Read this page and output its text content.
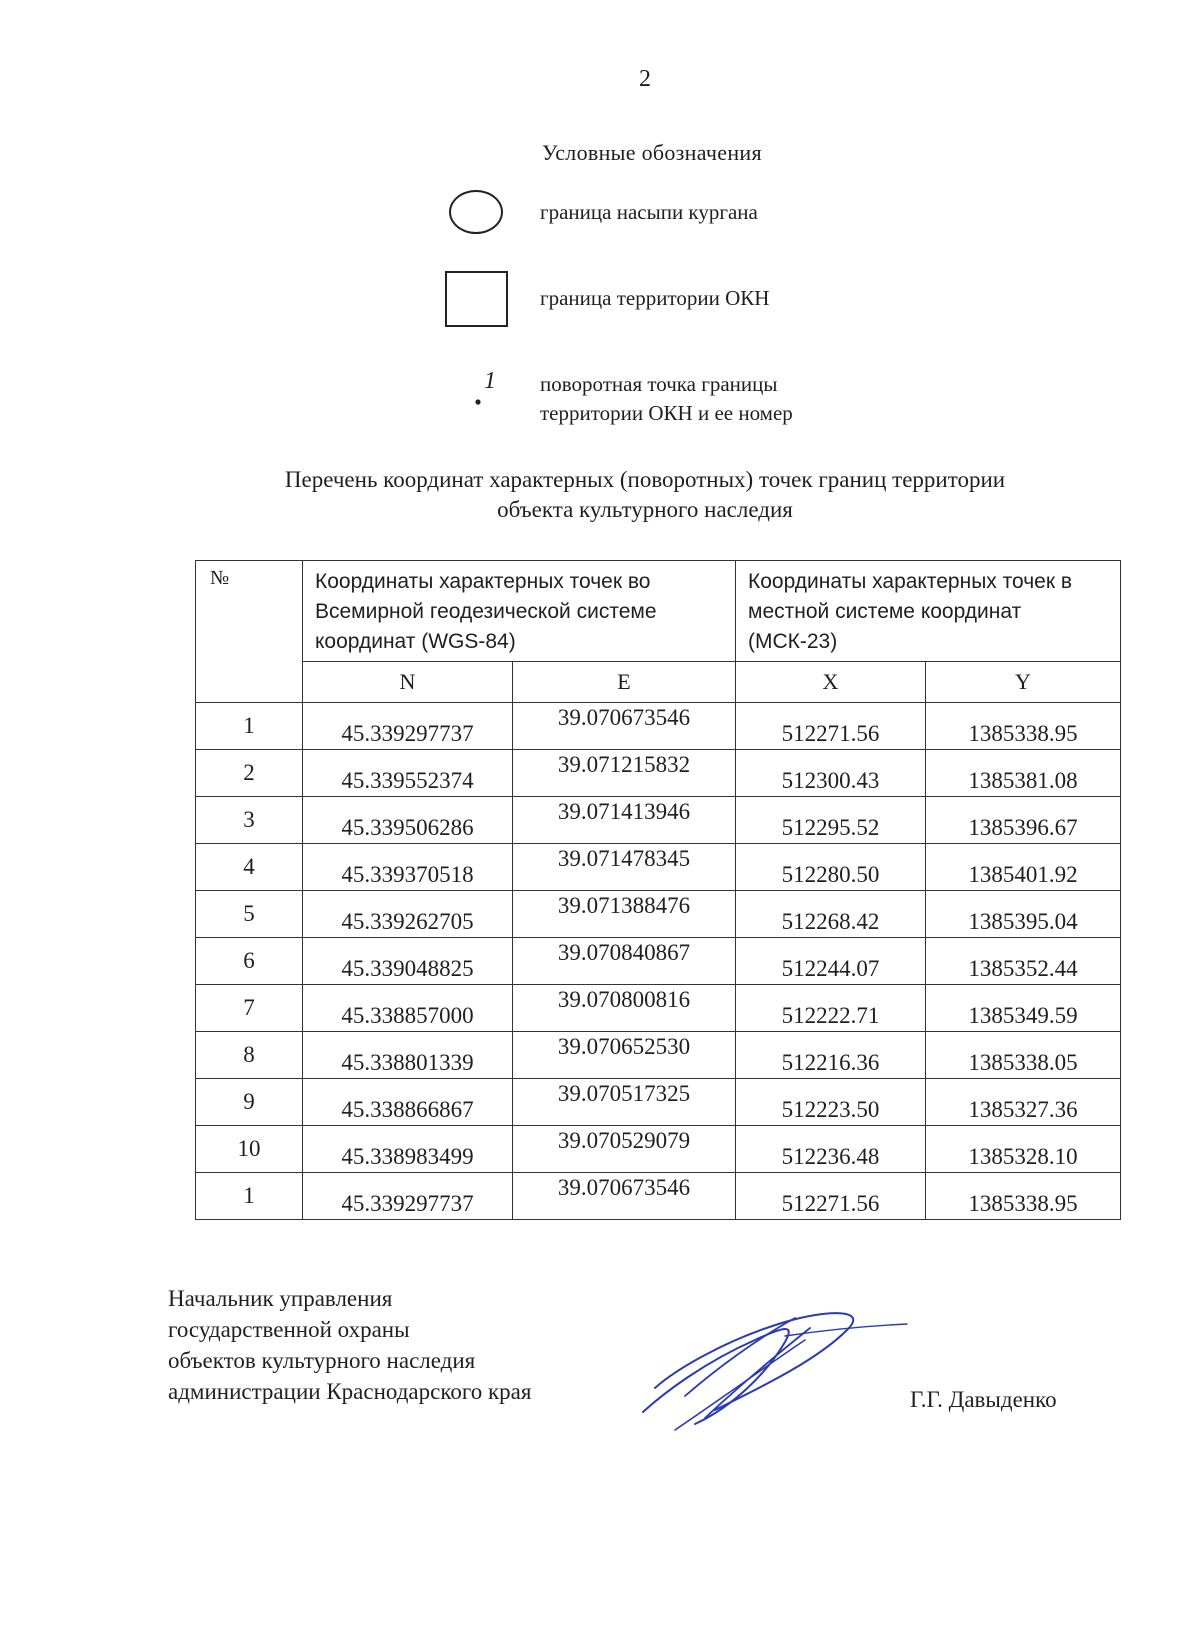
2
Условные обозначения
граница насыпи кургана
граница территории ОКН
1 поворотная точка границы
территории ОКН и ее номер
Перечень координат характерных (поворотных) точек границ территории
объекта культурного наследия
№	Координаты характерных точек во Всемирной геодезической системе координат (WGS-84)		Координаты характерных точек в местной системе координат (МСК-23)	
	N	E	X	Y
1	45.339297737	39.070673546	512271.56	1385338.95
2	45.339552374	39.071215832	512300.43	1385381.08
3	45.339506286	39.071413946	512295.52	1385396.67
4	45.339370518	39.071478345	512280.50	1385401.92
5	45.339262705	39.071388476	512268.42	1385395.04
6	45.339048825	39.070840867	512244.07	1385352.44
7	45.338857000	39.070800816	512222.71	1385349.59
8	45.338801339	39.070652530	512216.36	1385338.05
9	45.338866867	39.070517325	512223.50	1385327.36
10	45.338983499	39.070529079	512236.48	1385328.10
1	45.339297737	39.070673546	512271.56	1385338.95
Начальник управления
государственной охраны
объектов культурного наследия
администрации Краснодарского края	Г.Г. Давыденко
